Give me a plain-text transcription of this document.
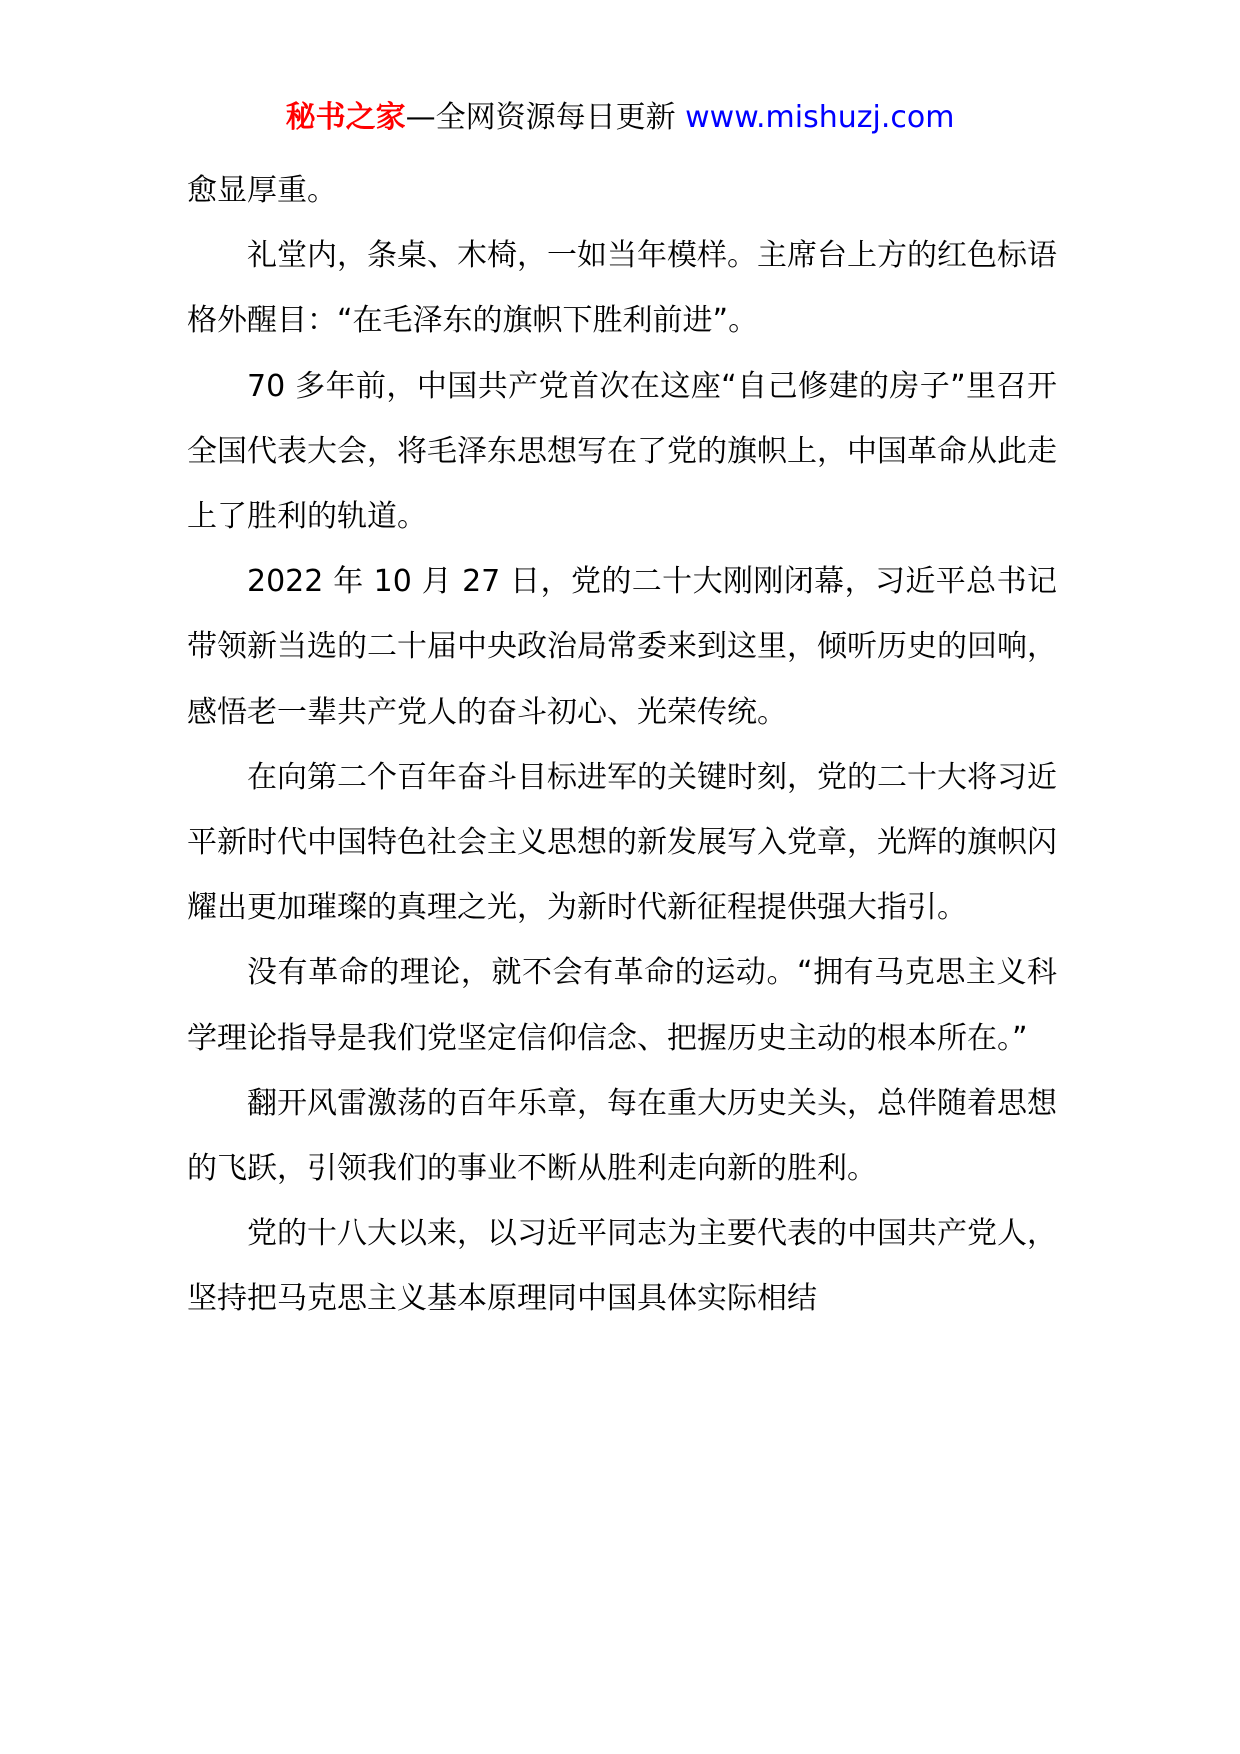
秘书之家—全网资源每日更新 www.mishuzj.com

愈显厚重。

礼堂内，条桌、木椅，一如当年模样。主席台上方的红色标语格外醒目：“在毛泽东的旗帜下胜利前进”。

70 多年前，中国共产党首次在这座“自己修建的房子”里召开全国代表大会，将毛泽东思想写在了党的旗帜上，中国革命从此走上了胜利的轨道。

2022 年 10 月 27 日，党的二十大刚刚闭幕，习近平总书记带领新当选的二十届中央政治局常委来到这里，倾听历史的回响，感悟老一辈共产党人的奋斗初心、光荣传统。

在向第二个百年奋斗目标进军的关键时刻，党的二十大将习近平新时代中国特色社会主义思想的新发展写入党章，光辉的旗帜闪耀出更加璀璨的真理之光，为新时代新征程提供强大指引。

没有革命的理论，就不会有革命的运动。“拥有马克思主义科学理论指导是我们党坚定信仰信念、把握历史主动的根本所在。”

翻开风雷激荡的百年乐章，每在重大历史关头，总伴随着思想的飞跃，引领我们的事业不断从胜利走向新的胜利。

党的十八大以来，以习近平同志为主要代表的中国共产党人，坚持把马克思主义基本原理同中国具体实际相结
